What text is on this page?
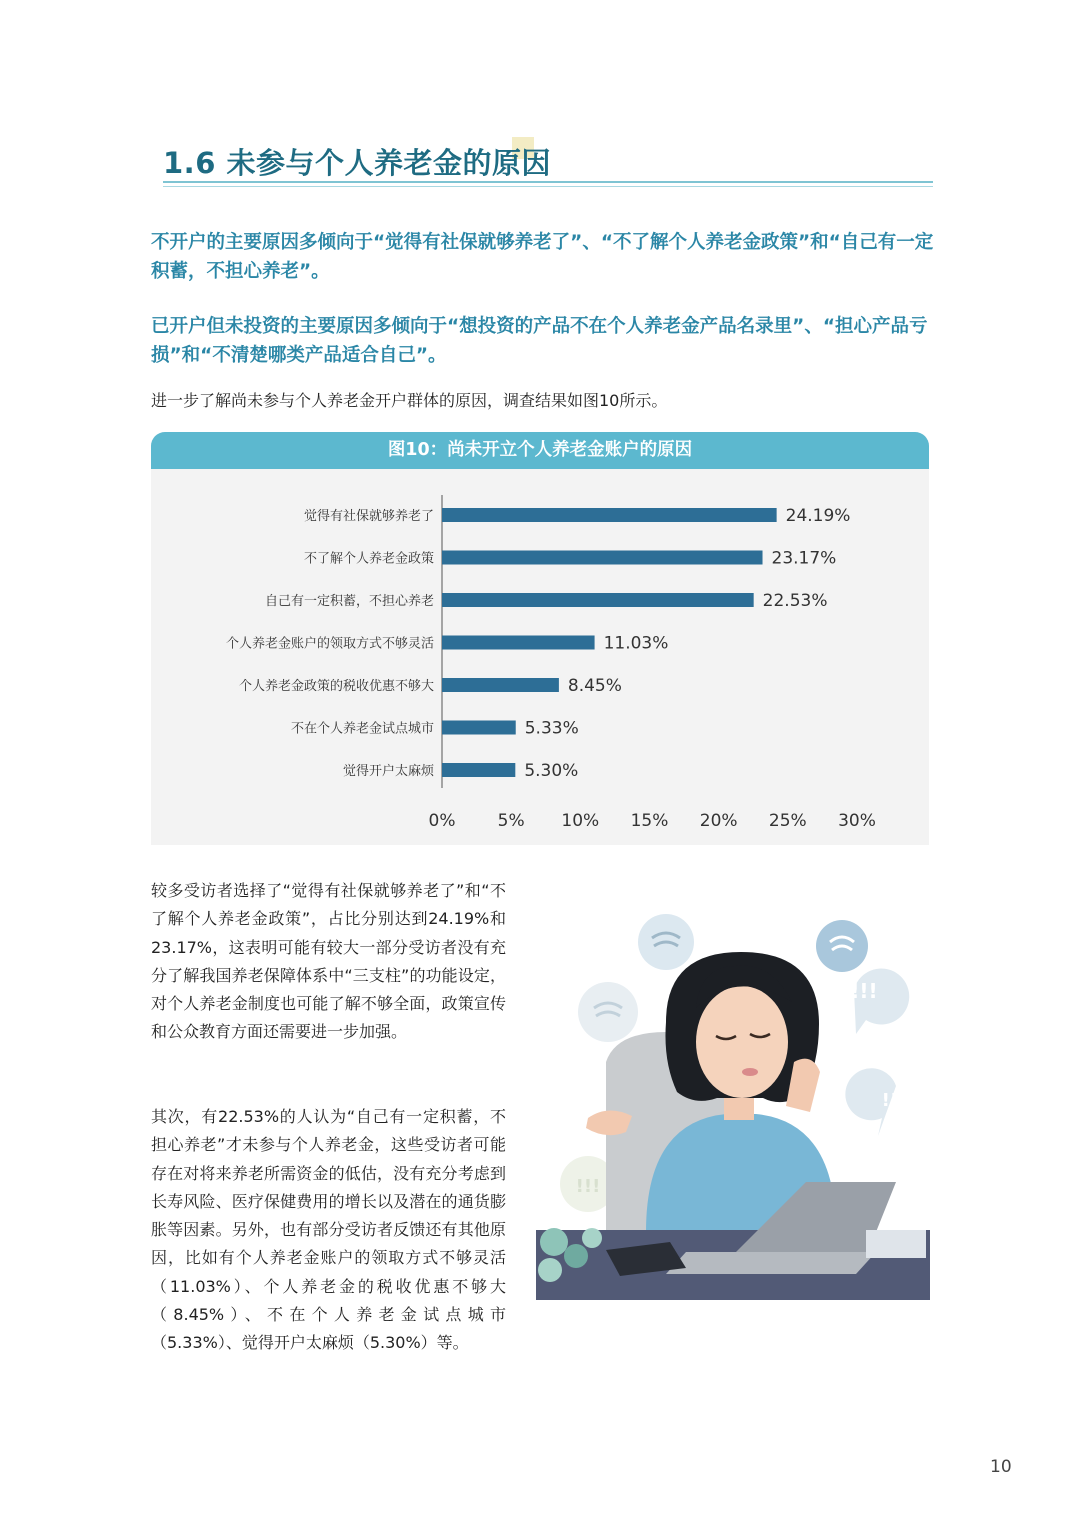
1.6 未参与个人养老金的原因
不开户的主要原因多倾向于“觉得有社保就够养老了”、“不了解个人养老金政策”和“自己有一定积蓄，不担心养老”。
已开户但未投资的主要原因多倾向于“想投资的产品不在个人养老金产品名录里”、“担心产品亏损”和“不清楚哪类产品适合自己”。
进一步了解尚未参与个人养老金开户群体的原因，调查结果如图10所示。
图10：尚未开立个人养老金账户的原因
觉得有社保就够养老了	24.19%
不了解个人养老金政策	23.17%
自己有一定积蓄，不担心养老	22.53%
个人养老金账户的领取方式不够灵活	11.03%
个人养老金政策的税收优惠不够大	8.45%
不在个人养老金试点城市	5.33%
觉得开户太麻烦	5.30%
0% 5% 10% 15% 20% 25% 30%
较多受访者选择了“觉得有社保就够养老了”和“不了解个人养老金政策”，占比分别达到24.19%和23.17%，这表明可能有较大一部分受访者没有充分了解我国养老保障体系中“三支柱”的功能设定，对个人养老金制度也可能了解不够全面，政策宣传和公众教育方面还需要进一步加强。
其次，有22.53%的人认为“自己有一定积蓄，不担心养老”才未参与个人养老金，这些受访者可能存在对将来养老所需资金的低估，没有充分考虑到长寿风险、医疗保健费用的增长以及潜在的通货膨胀等因素。另外，也有部分受访者反馈还有其他原因，比如有个人养老金账户的领取方式不够灵活（11.03%）、个人养老金的税收优惠不够大（8.45%）、不在个人养老金试点城市（5.33%）、觉得开户太麻烦（5.30%）等。
!!!
!!!
!!!
10
